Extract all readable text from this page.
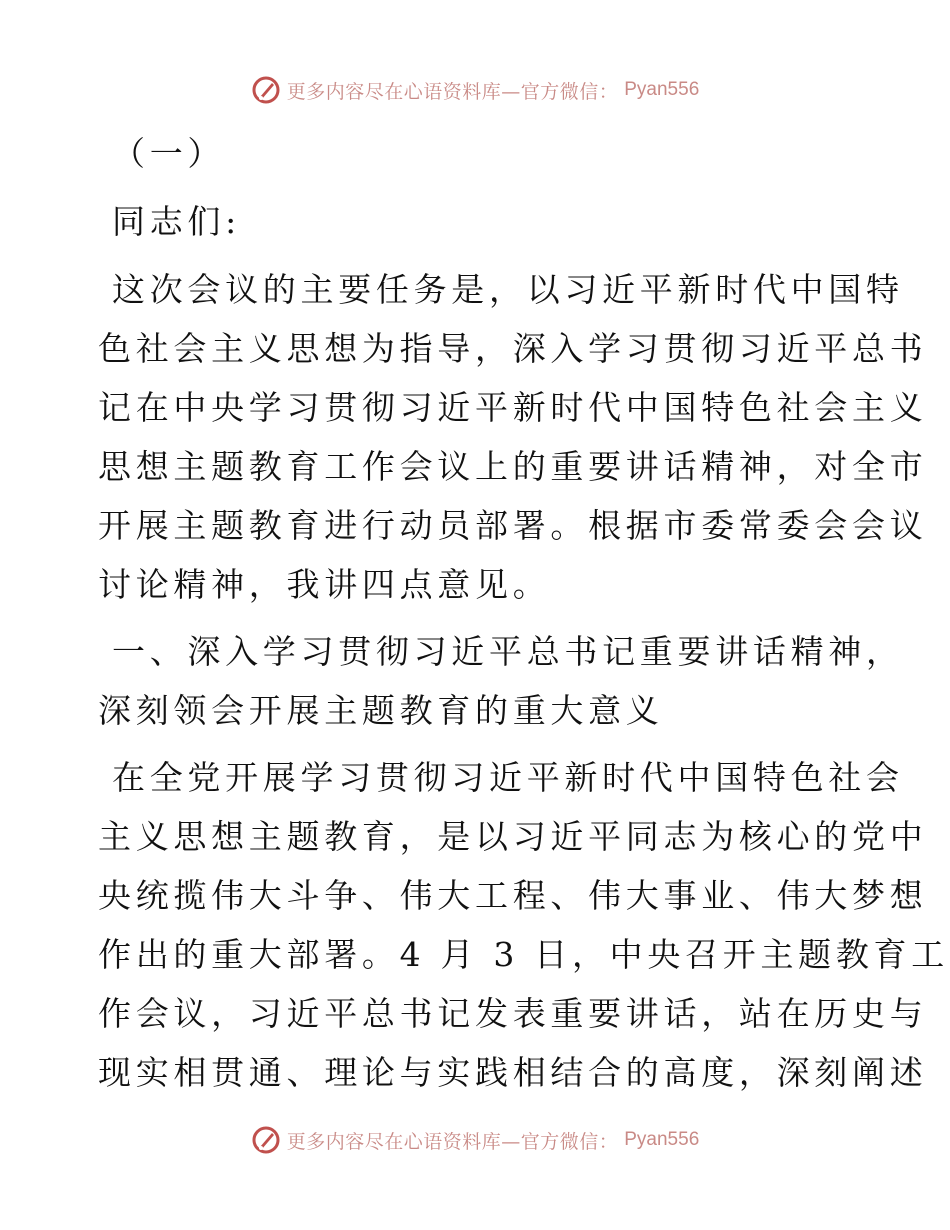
更多内容尽在心语资料库—官方微信： Pyan556

（一）

同志们:

这次会议的主要任务是，以习近平新时代中国特
色社会主义思想为指导，深入学习贯彻习近平总书
记在中央学习贯彻习近平新时代中国特色社会主义
思想主题教育工作会议上的重要讲话精神，对全市
开展主题教育进行动员部署。根据市委常委会会议
讨论精神，我讲四点意见。
一、深入学习贯彻习近平总书记重要讲话精神，
深刻领会开展主题教育的重大意义
在全党开展学习贯彻习近平新时代中国特色社会
主义思想主题教育，是以习近平同志为核心的党中
央统揽伟大斗争、伟大工程、伟大事业、伟大梦想
作出的重大部署。4 月 3 日，中央召开主题教育工
作会议，习近平总书记发表重要讲话，站在历史与
现实相贯通、理论与实践相结合的高度，深刻阐述
更多内容尽在心语资料库—官方微信： Pyan556
